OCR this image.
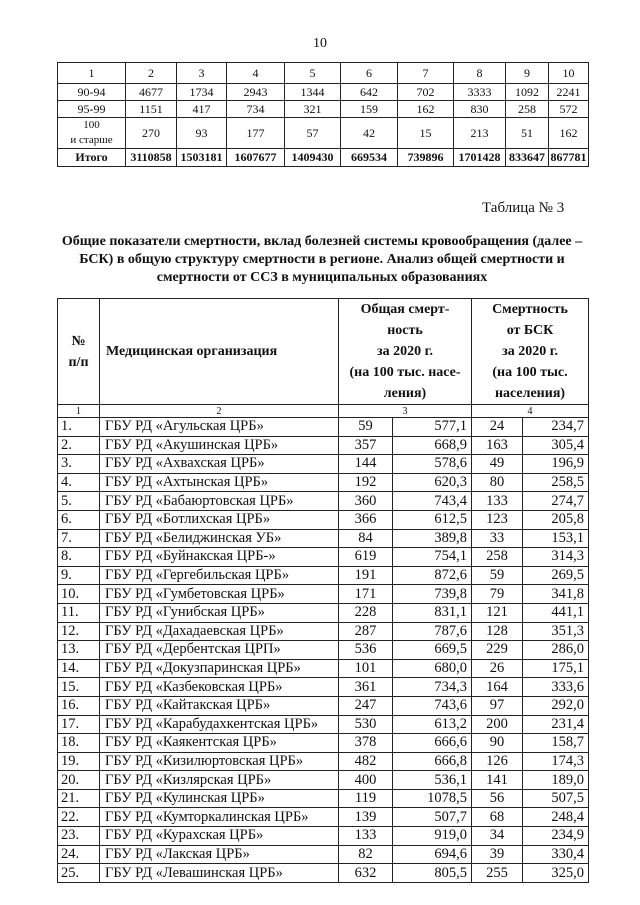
10
1	2	3	4	5	6	7	8	9	10
90-94	4677	1734	2943	1344	642	702	3333	1092	2241
95-99	1151	417	734	321	159	162	830	258	572
100
и старше	270	93	177	57	42	15	213	51	162
Итого	3110858	1503181	1607677	1409430	669534	739896	1701428	833647	867781
Таблица № 3
Общие показатели смертности, вклад болезней системы кровообращения (далее – БСК) в общую структуру смертности в регионе. Анализ общей смертности и смертности от ССЗ в муниципальных образованиях
№
п/п	Медицинская организация	Общая смерт-
ность
за 2020 г.
(на 100 тыс. насе-
ления)		Смертность
от БСК
за 2020 г.
(на 100 тыс.
населения)	
1	2	3		4	
1.	ГБУ РД «Агульская ЦРБ»	59	577,1	24	234,7
2.	ГБУ РД «Акушинская ЦРБ»	357	668,9	163	305,4
3.	ГБУ РД «Ахвахская ЦРБ»	144	578,6	49	196,9
4.	ГБУ РД «Ахтынская ЦРБ»	192	620,3	80	258,5
5.	ГБУ РД «Бабаюртовская ЦРБ»	360	743,4	133	274,7
6.	ГБУ РД «Ботлихская ЦРБ»	366	612,5	123	205,8
7.	ГБУ РД «Белиджинская УБ»	84	389,8	33	153,1
8.	ГБУ РД «Буйнакская ЦРБ-»	619	754,1	258	314,3
9.	ГБУ РД «Гергебильская ЦРБ»	191	872,6	59	269,5
10.	ГБУ РД «Гумбетовская ЦРБ»	171	739,8	79	341,8
11.	ГБУ РД «Гунибская ЦРБ»	228	831,1	121	441,1
12.	ГБУ РД «Дахадаевская ЦРБ»	287	787,6	128	351,3
13.	ГБУ РД «Дербентская ЦРП»	536	669,5	229	286,0
14.	ГБУ РД «Докузпаринская ЦРБ»	101	680,0	26	175,1
15.	ГБУ РД «Казбековская ЦРБ»	361	734,3	164	333,6
16.	ГБУ РД «Кайтакская ЦРБ»	247	743,6	97	292,0
17.	ГБУ РД «Карабудахкентская ЦРБ»	530	613,2	200	231,4
18.	ГБУ РД «Каякентская ЦРБ»	378	666,6	90	158,7
19.	ГБУ РД «Кизилюртовская ЦРБ»	482	666,8	126	174,3
20.	ГБУ РД «Кизлярская ЦРБ»	400	536,1	141	189,0
21.	ГБУ РД «Кулинская ЦРБ»	119	1078,5	56	507,5
22.	ГБУ РД «Кумторкалинская ЦРБ»	139	507,7	68	248,4
23.	ГБУ РД «Курахская ЦРБ»	133	919,0	34	234,9
24.	ГБУ РД «Лакская ЦРБ»	82	694,6	39	330,4
25.	ГБУ РД «Левашинская ЦРБ»	632	805,5	255	325,0
